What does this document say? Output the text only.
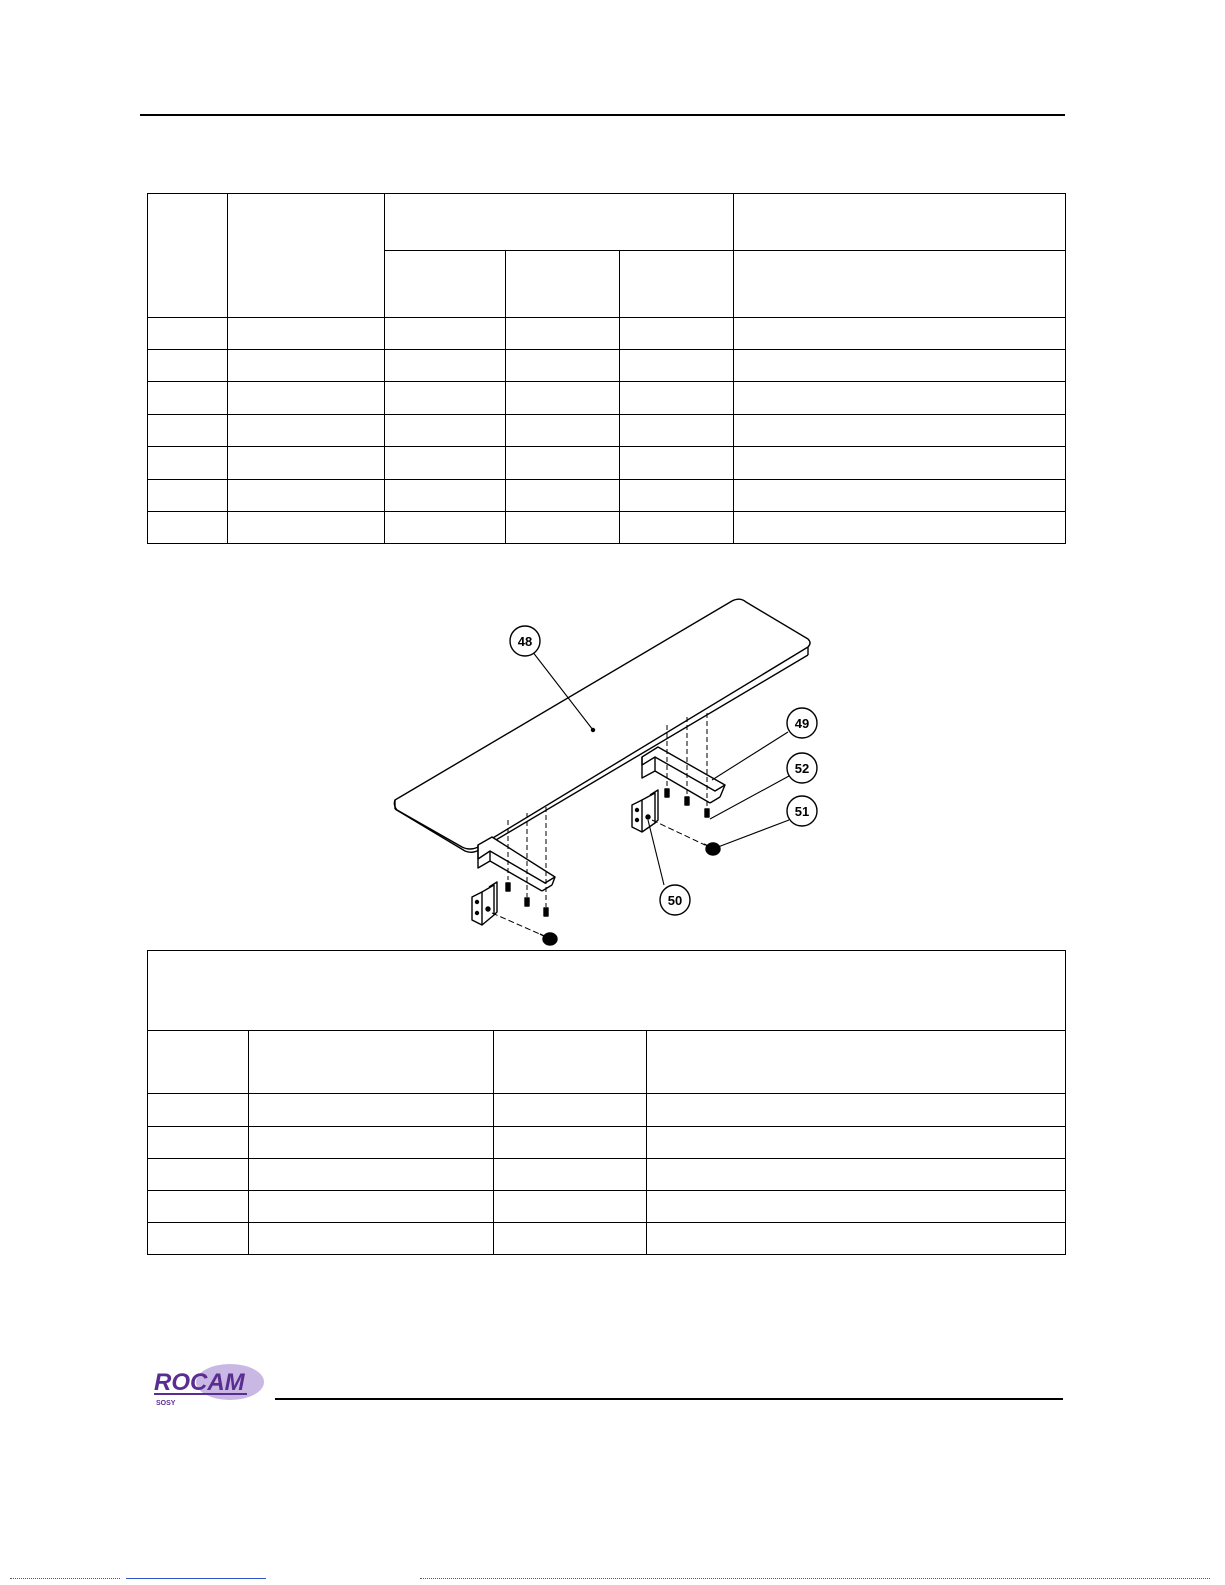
48
49
52
51
50

ROCAM
SOSY
